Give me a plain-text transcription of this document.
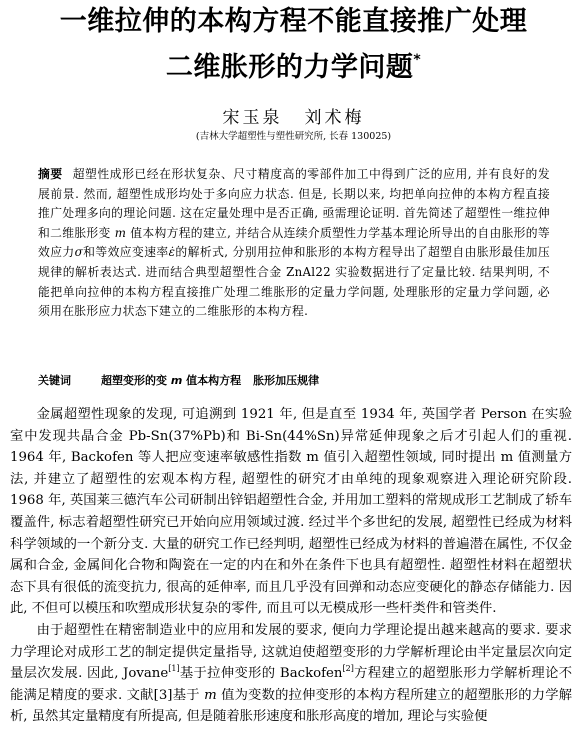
一维拉伸的本构方程不能直接推广处理
二维胀形的力学问题*
宋玉泉 刘术梅
(吉林大学超塑性与塑性研究所, 长春 130025)
摘要 超塑性成形已经在形状复杂、尺寸精度高的零部件加工中得到广泛的应用, 并有良好的发展前景. 然而, 超塑性成形均处于多向应力状态. 但是, 长期以来, 均把单向拉伸的本构方程直接推广处理多向的理论问题. 这在定量处理中是否正确, 亟需理论证明. 首先简述了超塑性一维拉伸和二维胀形变 m 值本构方程的建立, 并结合从连续介质塑性力学基本理论所导出的自由胀形的等效应力σ和等效应变速率ε̇的解析式, 分别用拉伸和胀形的本构方程导出了超塑自由胀形最佳加压规律的解析表达式. 进而结合典型超塑性合金 ZnAl22 实验数据进行了定量比较. 结果判明, 不能把单向拉伸的本构方程直接推广处理二维胀形的定量力学问题, 处理胀形的定量力学问题, 必须用在胀形应力状态下建立的二维胀形的本构方程.
关键词	超塑变形的变 m 值本构方程 胀形加压规律

金属超塑性现象的发现, 可追溯到 1921 年, 但是直至 1934 年, 英国学者 Person 在实验室中发现共晶合金 Pb-Sn(37%Pb)和 Bi-Sn(44%Sn)异常延伸现象之后才引起人们的重视. 1964 年, Backofen 等人把应变速率敏感性指数 m 值引入超塑性领域, 同时提出 m 值测量方法, 并建立了超塑性的宏观本构方程, 超塑性的研究才由单纯的现象观察进入理论研究阶段. 1968 年, 英国莱三德汽车公司研制出锌铝超塑性合金, 并用加工塑料的常规成形工艺制成了轿车覆盖件, 标志着超塑性研究已开始向应用领域过渡. 经过半个多世纪的发展, 超塑性已经成为材料科学领域的一个新分支. 大量的研究工作已经判明, 超塑性已经成为材料的普遍潜在属性, 不仅金属和合金, 金属间化合物和陶瓷在一定的内在和外在条件下也具有超塑性. 超塑性材料在超塑状态下具有很低的流变抗力, 很高的延伸率, 而且几乎没有回弹和动态应变硬化的静态存储能力. 因此, 不但可以模压和吹塑成形状复杂的零件, 而且可以无模成形一些杆类件和管类件.

由于超塑性在精密制造业中的应用和发展的要求, 便向力学理论提出越来越高的要求. 要求力学理论对成形工艺的制定提供定量指导, 这就迫使超塑变形的力学解析理论由半定量层次向定量层次发展. 因此, Jovane[1]基于拉伸变形的 Backofen[2]方程建立的超塑胀形力学解析理论不能满足精度的要求. 文献[3]基于 m 值为变数的拉伸变形的本构方程所建立的超塑胀形的力学解析, 虽然其定量精度有所提高, 但是随着胀形速度和胀形高度的增加, 理论与实验便
